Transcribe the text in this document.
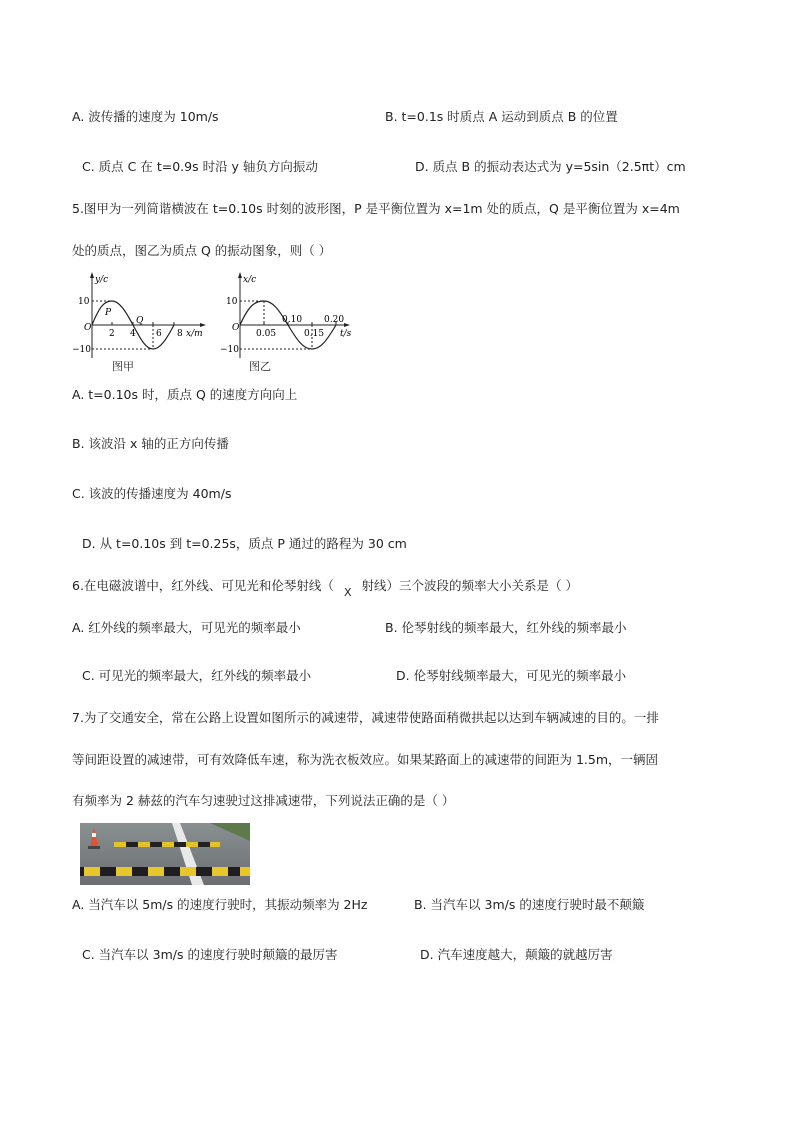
A. 波传播的速度为 10m/s	B. t=0.1s 时质点 A 运动到质点 B 的位置
C. 质点 C 在 t=0.9s 时沿 y 轴负方向振动	D. 质点 B 的振动表达式为 y=5sin（2.5πt）cm
5.图甲为一列简谐横波在 t=0.10s 时刻的波形图，P 是平衡位置为 x=1m 处的质点，Q 是平衡位置为 x=4m
处的质点，图乙为质点 Q 的振动图象，则（ ）
y/c
10
−10
O
P
Q
2 4 6 8 x/m
图甲
x/c
10
−10
O
0.05
0.10
0.15
0.20
t/s
图乙
A. t=0.10s 时，质点 Q 的速度方向向上
B. 该波沿 x 轴的正方向传播
C. 该波的传播速度为 40m/s
D. 从 t=0.10s 到 t=0.25s，质点 P 通过的路程为 30 cm
6.在电磁波谱中，红外线、可见光和伦琴射线（ X 射线）三个波段的频率大小关系是（ ）
A. 红外线的频率最大，可见光的频率最小	B. 伦琴射线的频率最大，红外线的频率最小
C. 可见光的频率最大，红外线的频率最小	D. 伦琴射线频率最大，可见光的频率最小
7.为了交通安全，常在公路上设置如图所示的减速带，减速带使路面稍微拱起以达到车辆减速的目的。一排
等间距设置的减速带，可有效降低车速，称为洗衣板效应。如果某路面上的减速带的间距为 1.5m，一辆固
有频率为 2 赫兹的汽车匀速驶过这排减速带，下列说法正确的是（ ）
A. 当汽车以 5m/s 的速度行驶时，其振动频率为 2Hz	B. 当汽车以 3m/s 的速度行驶时最不颠簸
C. 当汽车以 3m/s 的速度行驶时颠簸的最厉害	D. 汽车速度越大，颠簸的就越厉害
